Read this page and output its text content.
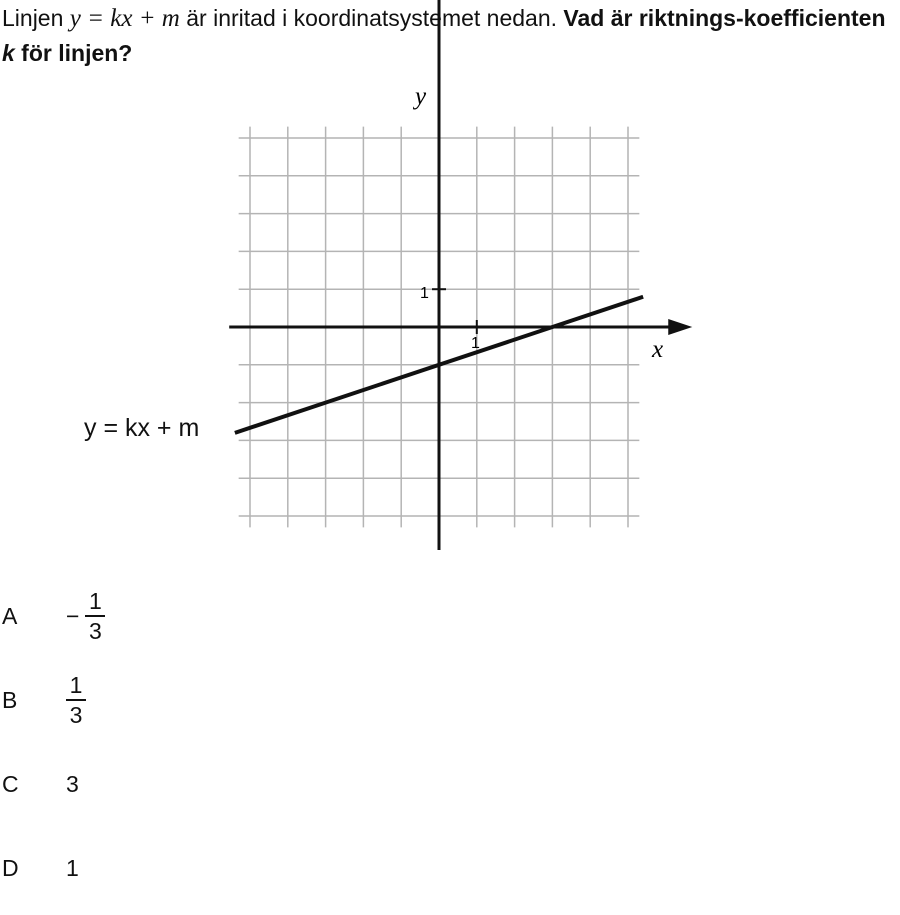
Linjen y = kx + m är inritad i koordinatsystemet nedan. Vad är riktnings-koefficienten k för linjen?

x
y
1
1
y = kx + m
$A - \frac{1}{3}$
B $\frac{1}{3}$
C 3
D 1
